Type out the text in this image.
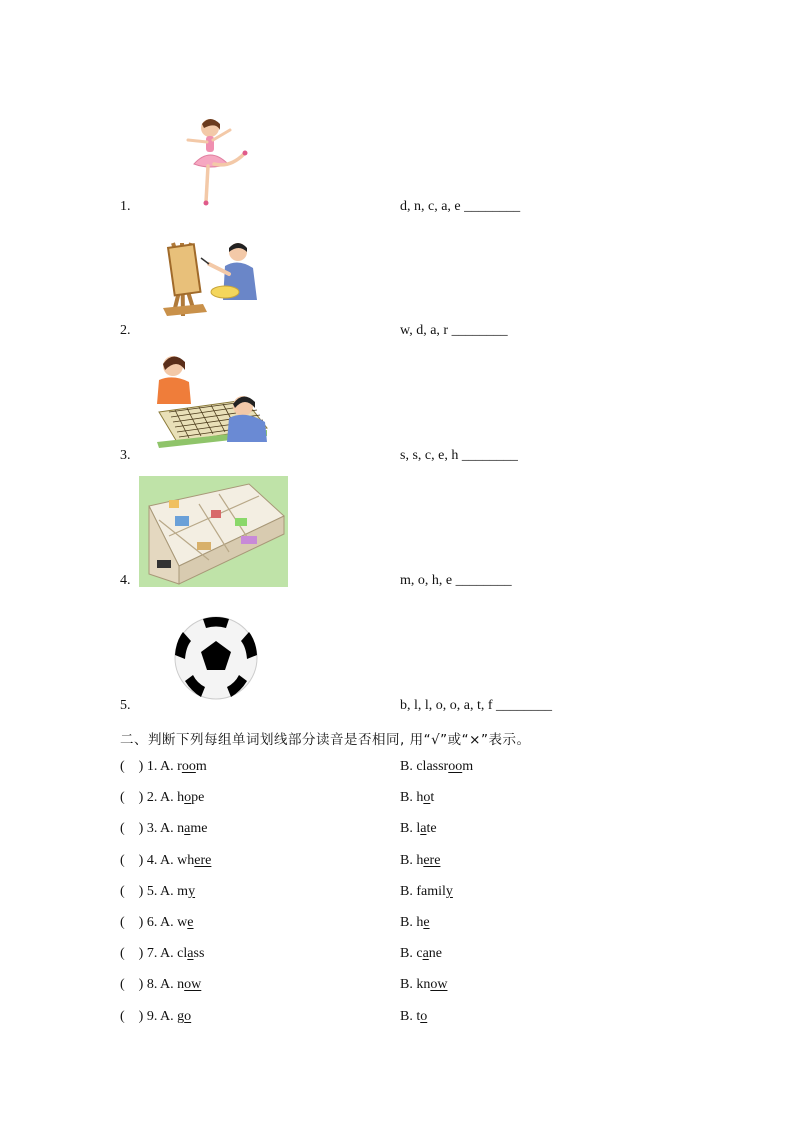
1.	d, n, c, a, e ________
2.	w, d, a, r ________
3.	s, s, c, e, h ________
4.	m, o, h, e ________
5.	b, l, l, o, o, a, t, f ________
二、判断下列每组单词划线部分读音是否相同, 用“√”或“×”表示。
(    ) 1. A. room	B. classroom
(    ) 2. A. hope	B. hot
(    ) 3. A. name	B. late
(    ) 4. A. where	B. here
(    ) 5. A. my	B. family
(    ) 6. A. we	B. he
(    ) 7. A. class	B. cane
(    ) 8. A. now	B. know
(    ) 9. A. go	B. to
